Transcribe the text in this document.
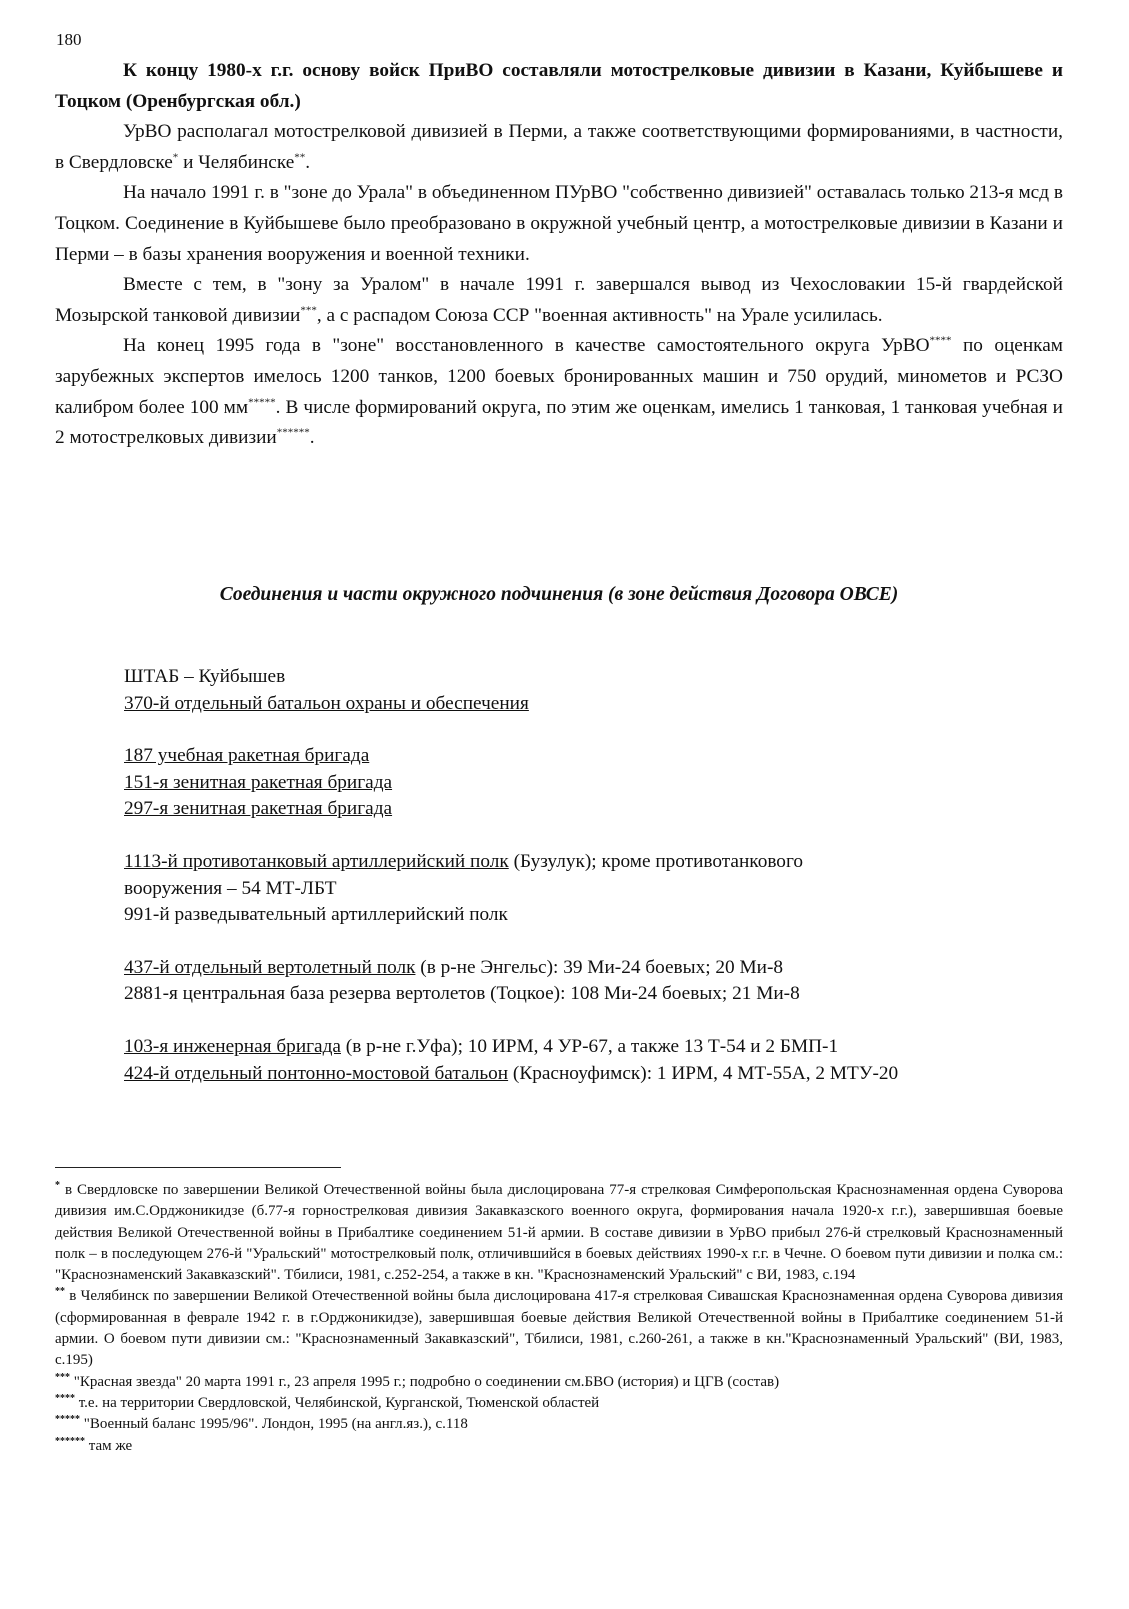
180

К концу 1980-х г.г. основу войск ПриВО составляли мотострелковые дивизии в Казани, Куйбышеве и Тоцком (Оренбургская обл.)

УрВО располагал мотострелковой дивизией в Перми, а также соответствующими формированиями, в частности, в Свердловске* и Челябинске**.

На начало 1991 г. в "зоне до Урала" в объединенном ПУрВО "собственно дивизией" оставалась только 213-я мсд в Тоцком. Соединение в Куйбышеве было преобразовано в окружной учебный центр, а мотострелковые дивизии в Казани и Перми – в базы хранения вооружения и военной техники.

Вместе с тем, в "зону за Уралом" в начале 1991 г. завершался вывод из Чехословакии 15-й гвардейской Мозырской танковой дивизии***, а с распадом Союза ССР "военная активность" на Урале усилилась.

На конец 1995 года в "зоне" восстановленного в качестве самостоятельного округа УрВО**** по оценкам зарубежных экспертов имелось 1200 танков, 1200 боевых бронированных машин и 750 орудий, минометов и РСЗО калибром более 100 мм*****. В числе формирований округа, по этим же оценкам, имелись 1 танковая, 1 танковая учебная и 2 мотострелковых дивизии******.

Соединения и части окружного подчинения (в зоне действия Договора ОВСЕ)
ШТАБ – Куйбышев
370-й отдельный батальон охраны и обеспечения
187 учебная ракетная бригада
151-я зенитная ракетная бригада
297-я зенитная ракетная бригада
1113-й противотанковый артиллерийский полк (Бузулук); кроме противотанкового
вооружения – 54 МТ-ЛБТ
991-й разведывательный артиллерийский полк
437-й отдельный вертолетный полк (в р-не Энгельс): 39 Ми-24 боевых; 20 Ми-8
2881-я центральная база резерва вертолетов (Тоцкое): 108 Ми-24 боевых; 21 Ми-8
103-я инженерная бригада (в р-не г.Уфа); 10 ИРМ, 4 УР-67, а также 13 Т-54 и 2 БМП-1
424-й отдельный понтонно-мостовой батальон (Красноуфимск): 1 ИРМ, 4 МТ-55А, 2 МТУ-20

* в Свердловске по завершении Великой Отечественной войны была дислоцирована 77-я стрелковая Симферопольская Краснознаменная ордена Суворова дивизия им.С.Орджоникидзе (б.77-я горнострелковая дивизия Закавказского военного округа, формирования начала 1920-х г.г.), завершившая боевые действия Великой Отечественной войны в Прибалтике соединением 51-й армии. В составе дивизии в УрВО прибыл 276-й стрелковый Краснознаменный полк – в последующем 276-й "Уральский" мотострелковый полк, отличившийся в боевых действиях 1990-х г.г. в Чечне. О боевом пути дивизии и полка см.: "Краснознаменский Закавказский". Тбилиси, 1981, с.252-254, а также в кн. "Краснознаменский Уральский" с ВИ, 1983, с.194

** в Челябинск по завершении Великой Отечественной войны была дислоцирована 417-я стрелковая Сивашская Краснознаменная ордена Суворова дивизия (сформированная в феврале 1942 г. в г.Орджоникидзе), завершившая боевые действия Великой Отечественной войны в Прибалтике соединением 51-й армии. О боевом пути дивизии см.: "Краснознаменный Закавказский", Тбилиси, 1981, с.260-261, а также в кн."Краснознаменный Уральский" (ВИ, 1983, с.195)

*** "Красная звезда" 20 марта 1991 г., 23 апреля 1995 г.; подробно о соединении см.БВО (история) и ЦГВ (состав)

**** т.е. на территории Свердловской, Челябинской, Курганской, Тюменской областей

***** "Военный баланс 1995/96". Лондон, 1995 (на англ.яз.), с.118

****** там же
